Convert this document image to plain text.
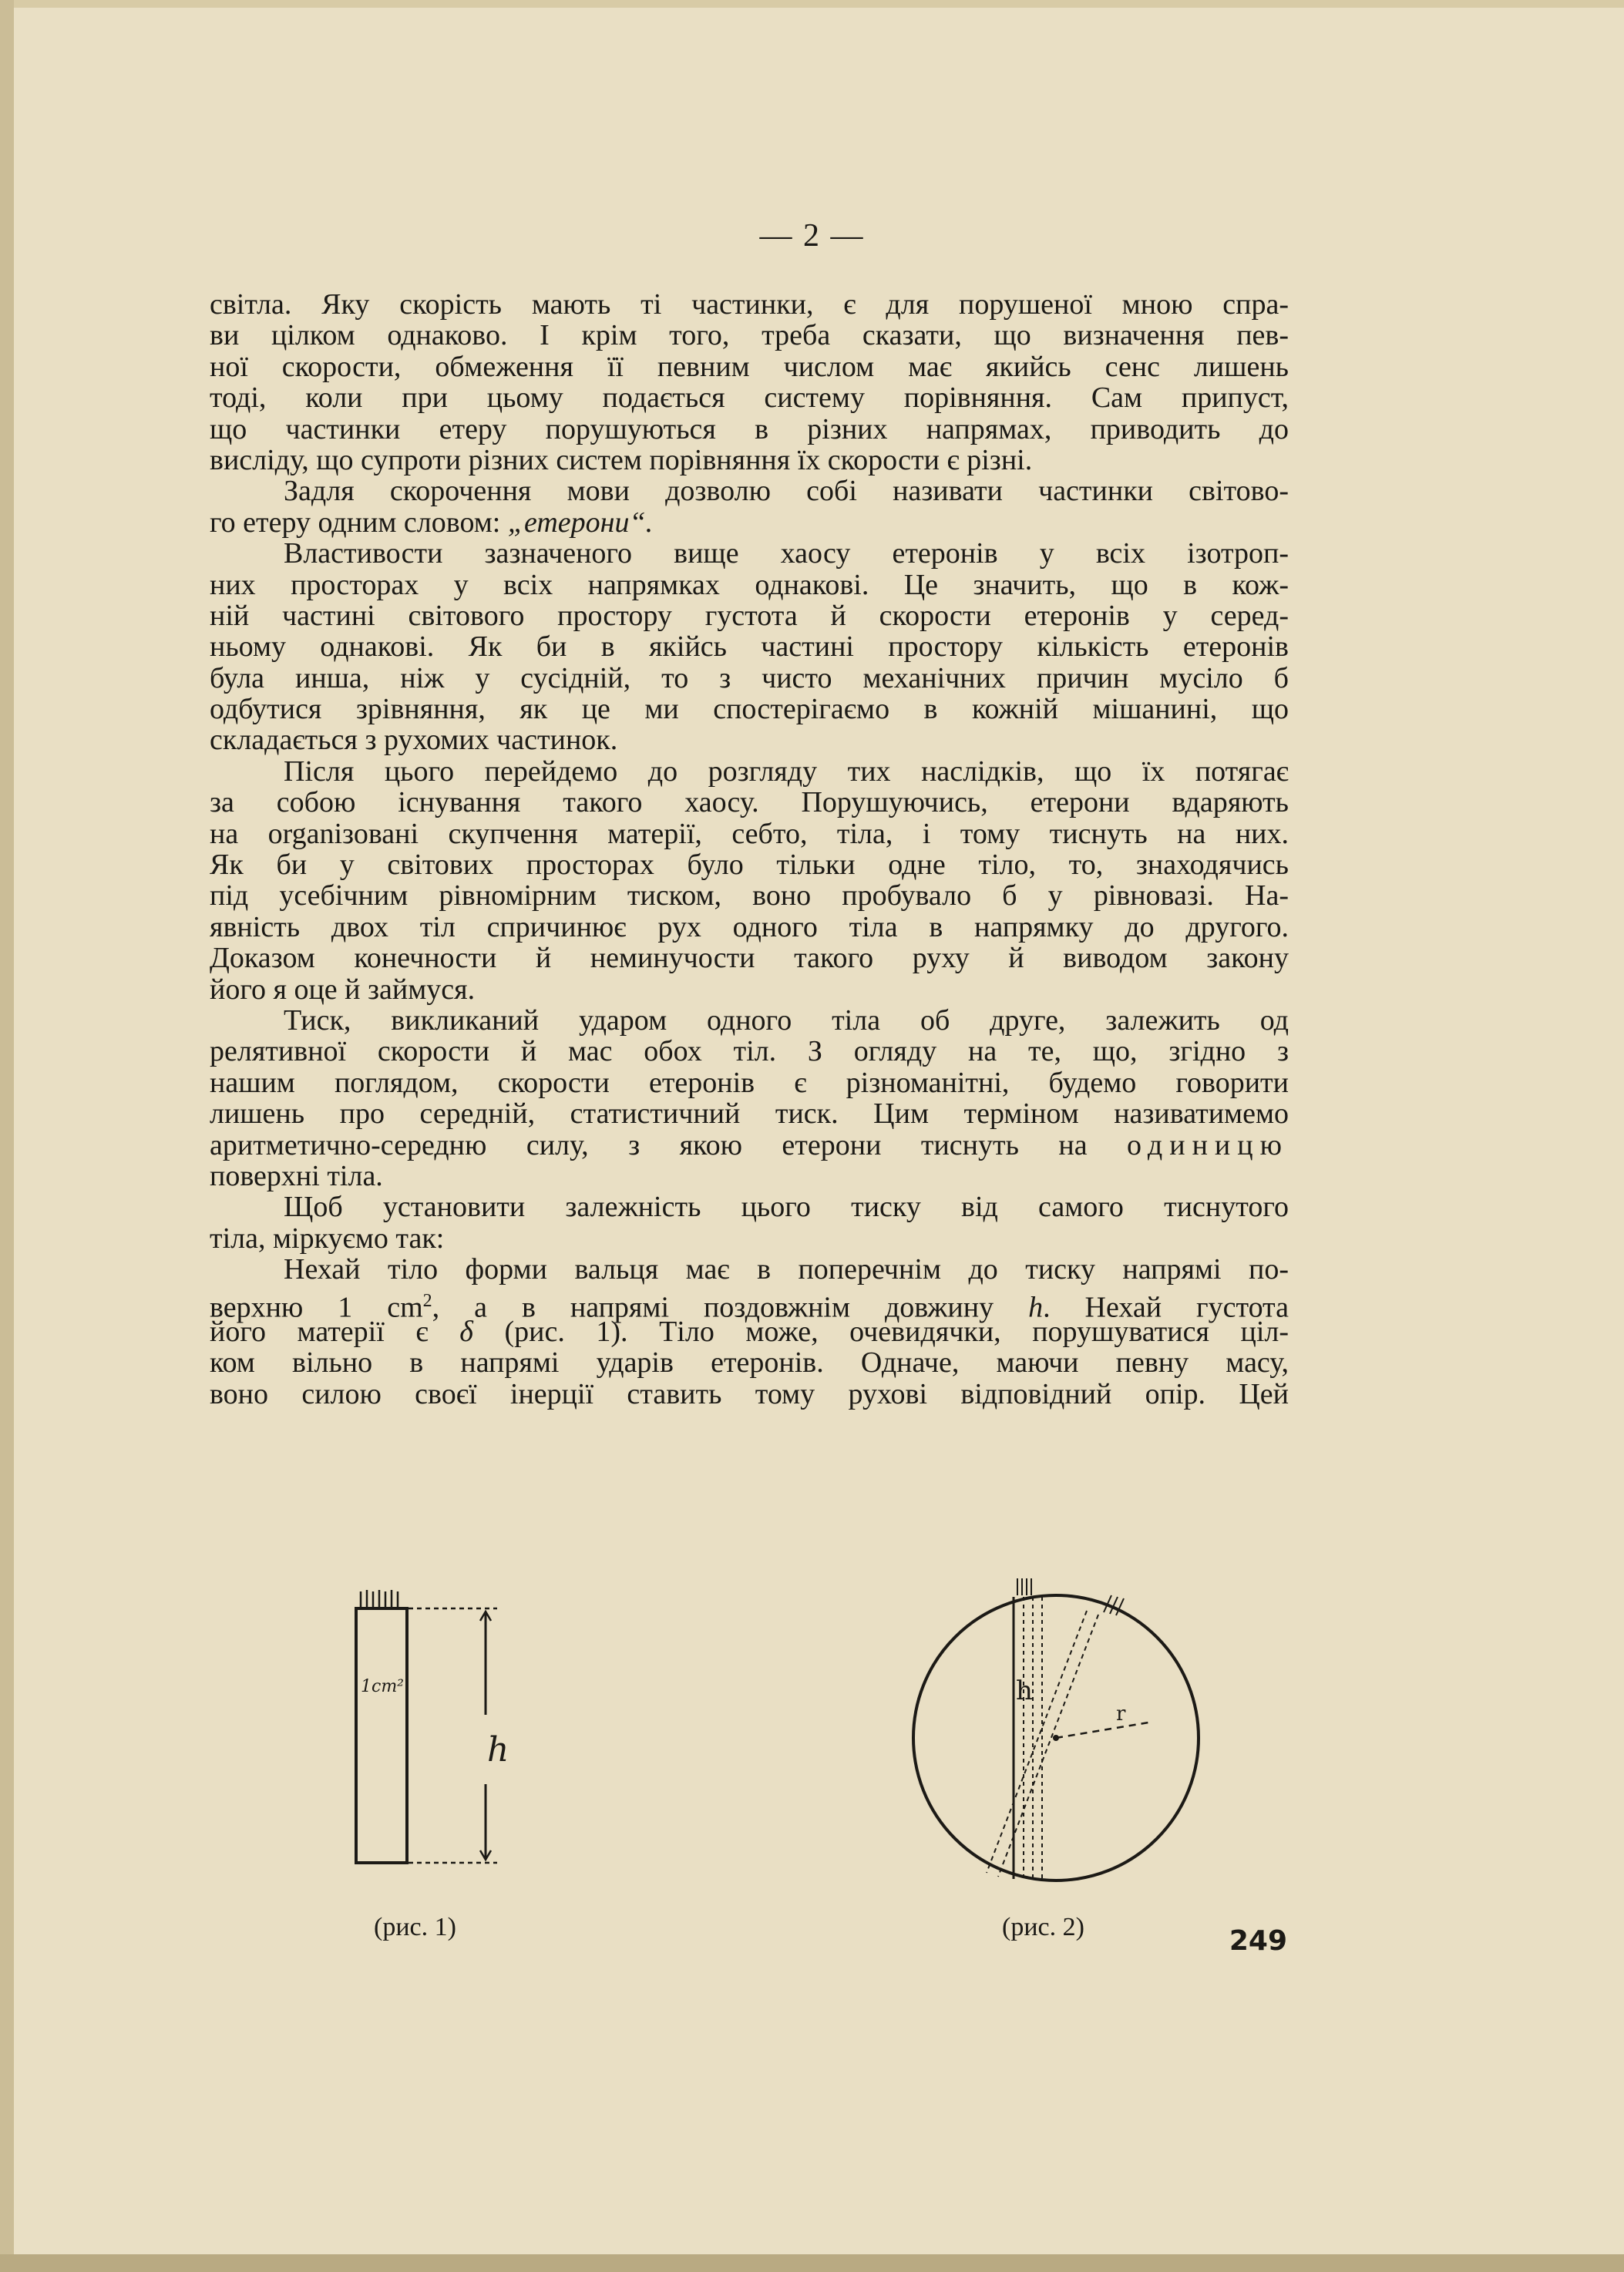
— 2 —
світла. Яку скорість мають ті частинки, є для порушеної мною спра-
ви цілком однаково. І крім того, треба сказати, що визначення пев-
ної скорости, обмеження її певним числом має якийсь сенс лишень
тоді, коли при цьому подається систему порівняння. Сам припуст,
що частинки етеру порушуються в різних напрямах, приводить до
висліду, що супроти різних систем порівняння їх скорости є різні.
Задля скорочення мови дозволю собі називати частинки світово-
го етеру одним словом: „етерони“.
Властивости зазначеного вище хаосу етеронів у всіх ізотроп-
них просторах у всіх напрямках однакові. Це значить, що в кож-
ній частині світового простору густота й скорости етеронів у серед-
ньому однакові. Як би в якійсь частині простору кількість етеронів
була инша, ніж у сусідній, то з чисто механічних причин мусіло б
одбутися зрівняння, як це ми спостерігаємо в кожній мішанині, що
складається з рухомих частинок.
Після цього перейдемо до розгляду тих наслідків, що їх потягає
за собою існування такого хаосу. Порушуючись, етерони вдаряють
на organізовані скупчення матерії, себто, тіла, і тому тиснуть на них.
Як би у світових просторах було тільки одне тіло, то, знаходячись
під усебічним рівномірним тиском, воно пробувало б у рівновазі. На-
явність двох тіл спричинює рух одного тіла в напрямку до другого.
Доказом конечности й неминучости такого руху й виводом закону
його я оце й займуся.
Тиск, викликаний ударом одного тіла об друге, залежить од
релятивної скорости й мас обох тіл. З огляду на те, що, згідно з
нашим поглядом, скорости етеронів є різноманітні, будемо говорити
лишень про середній, статистичний тиск. Цим терміном називатимемо
аритметично-середню силу, з якою етерони тиснуть на одиницю
поверхні тіла.
Щоб установити залежність цього тиску від самого тиснутого
тіла, міркуємо так:
Нехай тіло форми вальця має в поперечнім до тиску напрямі по-
верхню 1 $cm^2$, а в напрямі поздовжнім довжину h. Нехай густота
його матерії є δ (рис. 1). Тіло може, очевидячки, порушуватися ціл-
ком вільно в напрямі ударів етеронів. Одначе, маючи певну масу,
воно силою своєї інерції ставить тому рухові відповідний опір. Цей
1cm²
h
(рис. 1)
h
r
(рис. 2)	249
